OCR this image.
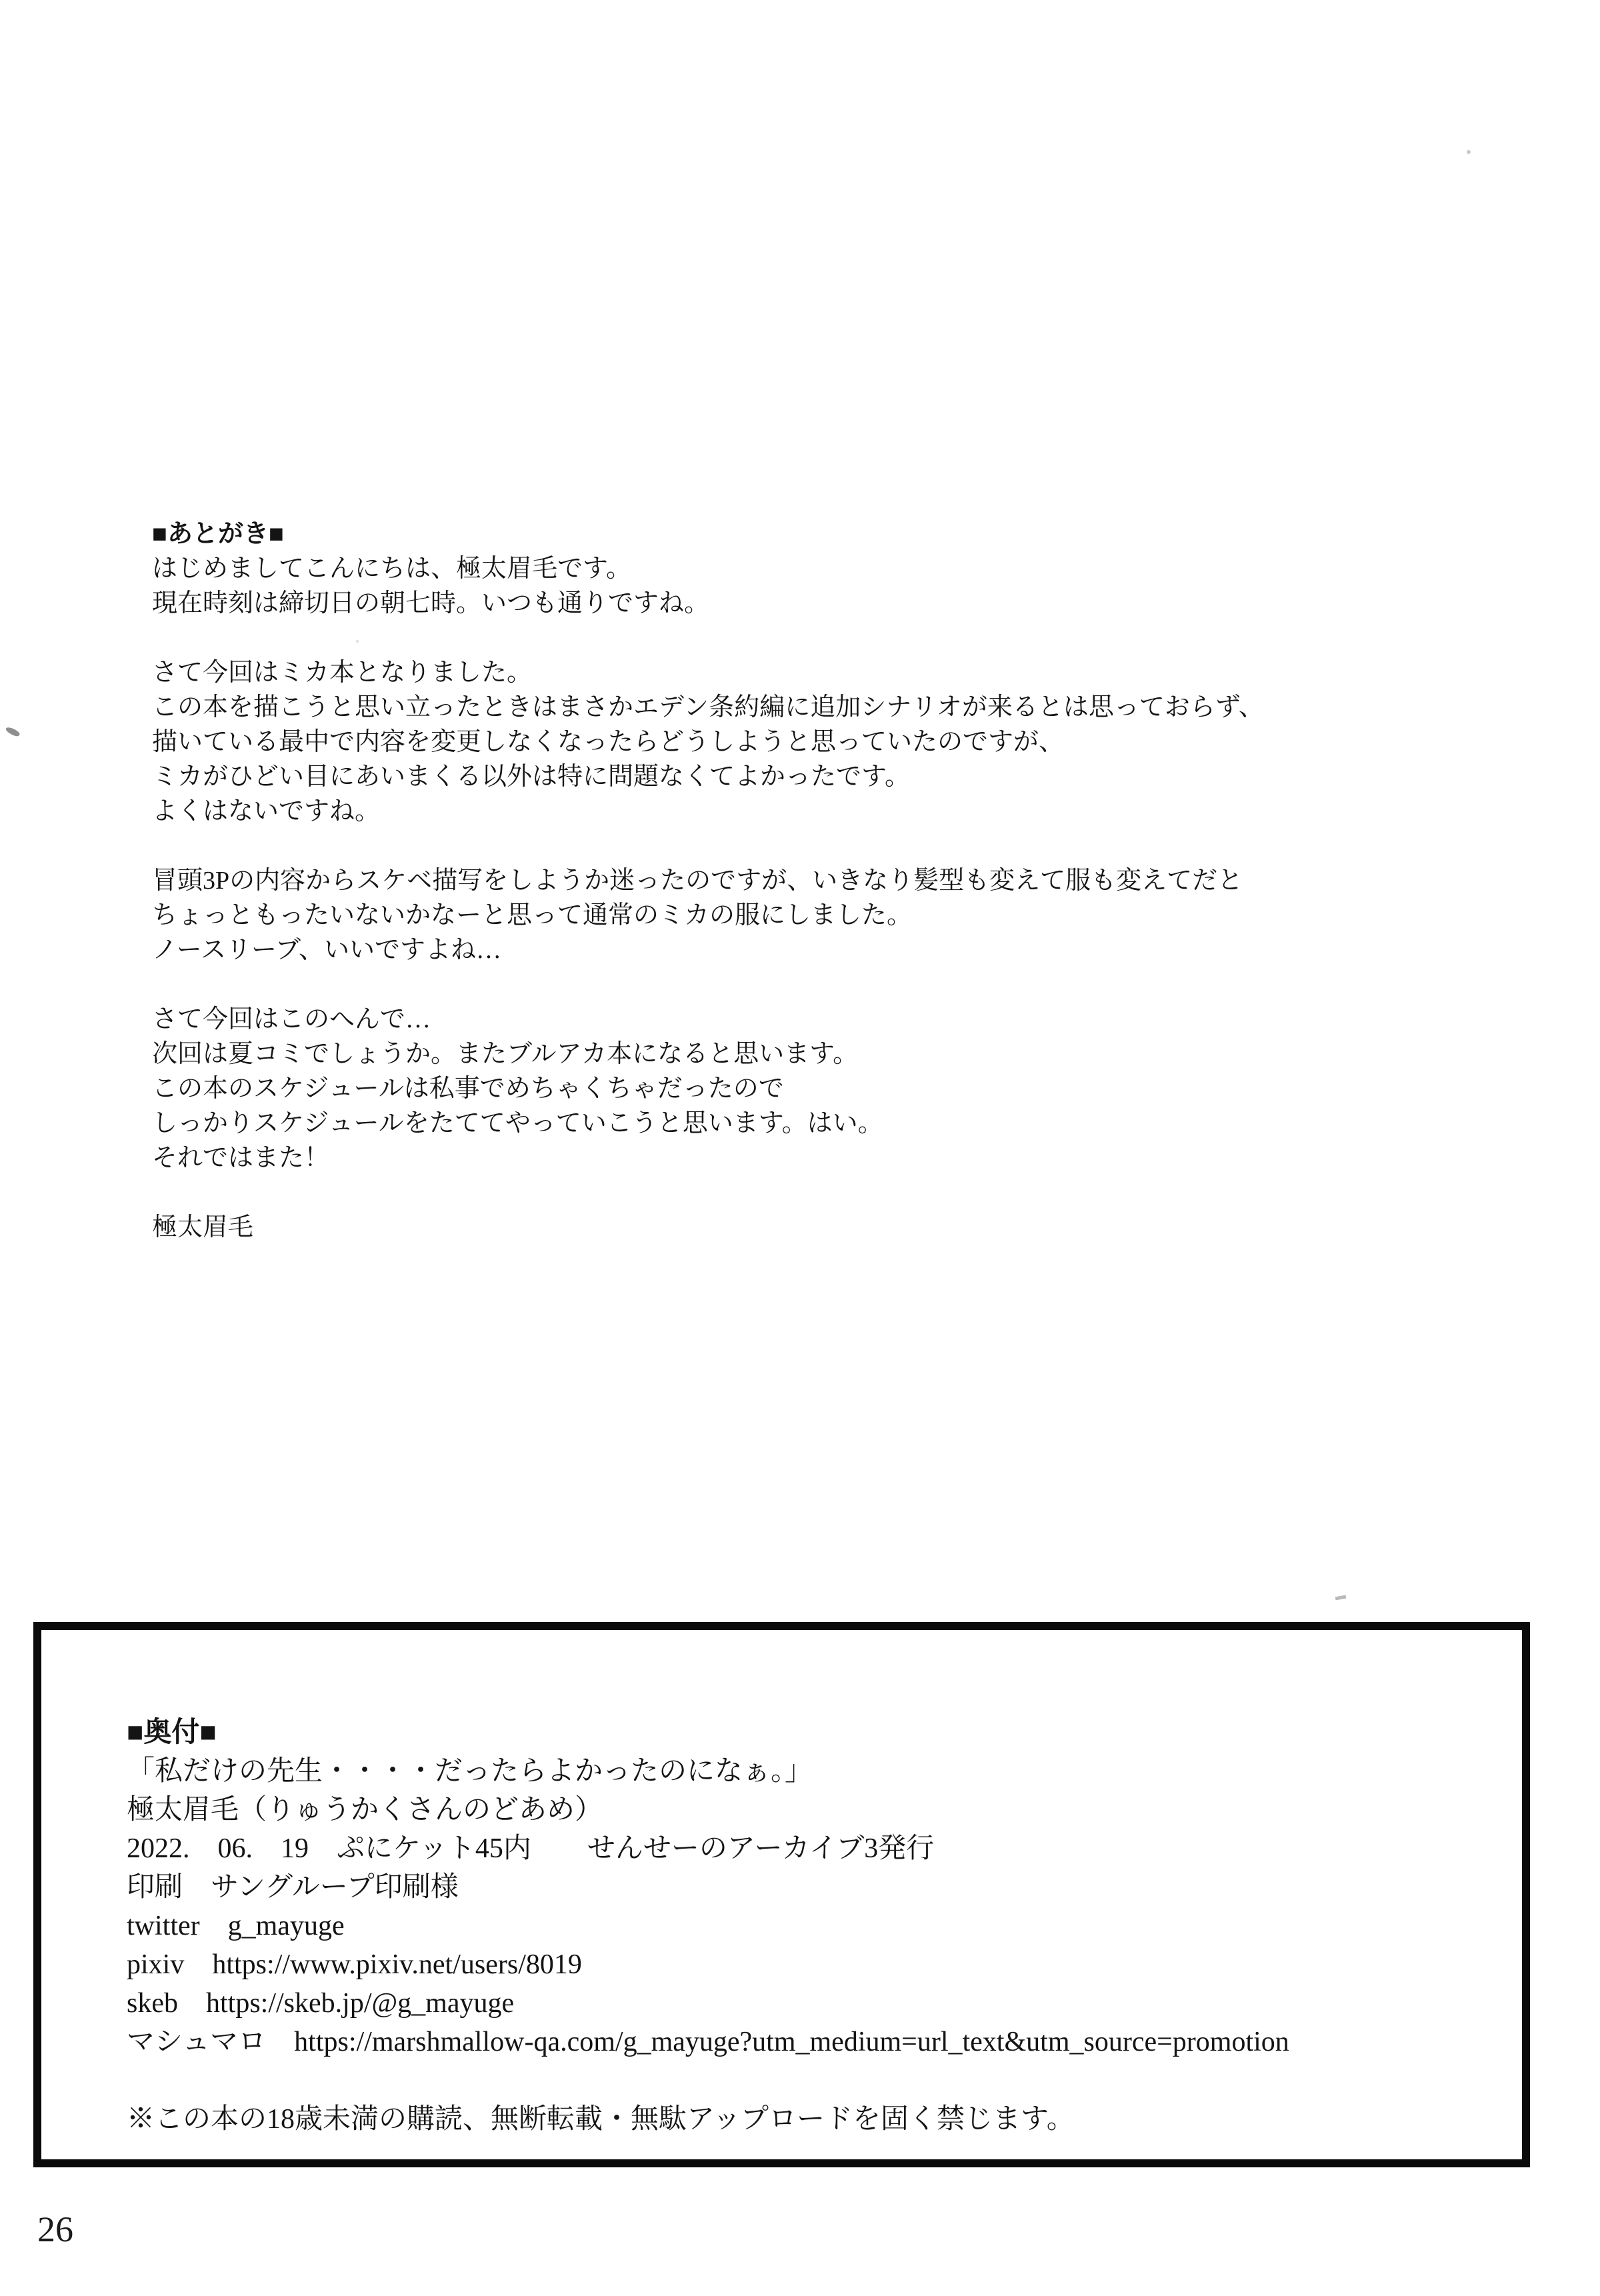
■あとがき■
はじめましてこんにちは、極太眉毛です。
現在時刻は締切日の朝七時。いつも通りですね。
さて今回はミカ本となりました。
この本を描こうと思い立ったときはまさかエデン条約編に追加シナリオが来るとは思っておらず、
描いている最中で内容を変更しなくなったらどうしようと思っていたのですが、
ミカがひどい目にあいまくる以外は特に問題なくてよかったです。
よくはないですね。
冒頭3Pの内容からスケベ描写をしようか迷ったのですが、いきなり髪型も変えて服も変えてだと
ちょっともったいないかなーと思って通常のミカの服にしました。
ノースリーブ、いいですよね…
さて今回はこのへんで…
次回は夏コミでしょうか。またブルアカ本になると思います。
この本のスケジュールは私事でめちゃくちゃだったので
しっかりスケジュールをたててやっていこうと思います。はい。
それではまた！
極太眉毛
■奥付■
「私だけの先生・・・・だったらよかったのになぁ。」
極太眉毛（りゅうかくさんのどあめ）
2022.　06.　19　ぷにケット45内　　せんせーのアーカイブ3発行
印刷　サングループ印刷様
twitter　g_mayuge
pixiv　https://www.pixiv.net/users/8019
skeb　https://skeb.jp/@g_mayuge
マシュマロ　https://marshmallow-qa.com/g_mayuge?utm_medium=url_text&utm_source=promotion
※この本の18歳未満の購読、無断転載・無駄アップロードを固く禁じます。
26
